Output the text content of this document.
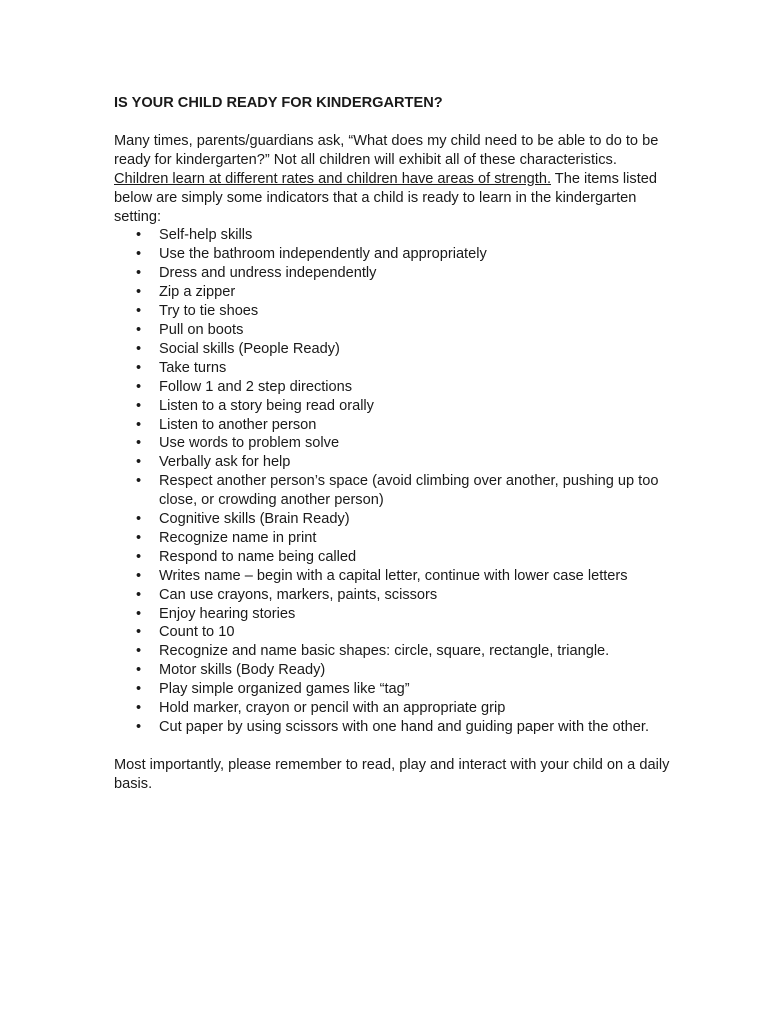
IS YOUR CHILD READY FOR KINDERGARTEN?

Many times, parents/guardians ask, “What does my child need to be able to do to be ready for kindergarten?” Not all children will exhibit all of these characteristics. Children learn at different rates and children have areas of strength. The items listed below are simply some indicators that a child is ready to learn in the kindergarten setting:

• Self-help skills
• Use the bathroom independently and appropriately
• Dress and undress independently
• Zip a zipper
• Try to tie shoes
• Pull on boots
• Social skills (People Ready)
• Take turns
• Follow 1 and 2 step directions
• Listen to a story being read orally
• Listen to another person
• Use words to problem solve
• Verbally ask for help
• Respect another person’s space (avoid climbing over another, pushing up too close, or crowding another person)
• Cognitive skills (Brain Ready)
• Recognize name in print
• Respond to name being called
• Writes name – begin with a capital letter, continue with lower case letters
• Can use crayons, markers, paints, scissors
• Enjoy hearing stories
• Count to 10
• Recognize and name basic shapes: circle, square, rectangle, triangle.
• Motor skills (Body Ready)
• Play simple organized games like “tag”
• Hold marker, crayon or pencil with an appropriate grip
• Cut paper by using scissors with one hand and guiding paper with the other.

Most importantly, please remember to read, play and interact with your child on a daily basis.
